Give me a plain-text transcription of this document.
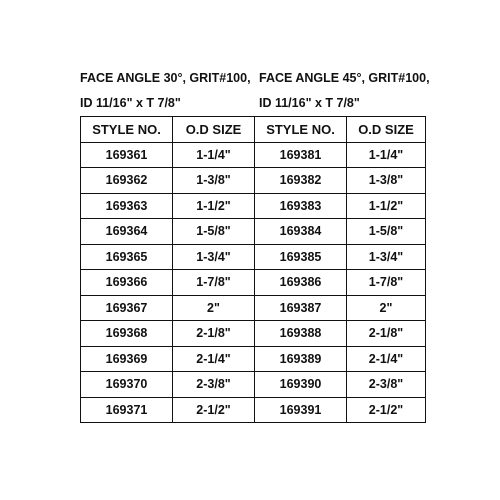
FACE ANGLE 30°, GRIT#100, FACE ANGLE 45°, GRIT#100,
ID 11/16" x T 7/8"	ID 11/16" x T 7/8"
STYLE NO.	O.D SIZE	STYLE NO.	O.D SIZE
169361	1-1/4"	169381	1-1/4"
169362	1-3/8"	169382	1-3/8"
169363	1-1/2"	169383	1-1/2"
169364	1-5/8"	169384	1-5/8"
169365	1-3/4"	169385	1-3/4"
169366	1-7/8"	169386	1-7/8"
169367	2"	169387	2"
169368	2-1/8"	169388	2-1/8"
169369	2-1/4"	169389	2-1/4"
169370	2-3/8"	169390	2-3/8"
169371	2-1/2"	169391	2-1/2"
